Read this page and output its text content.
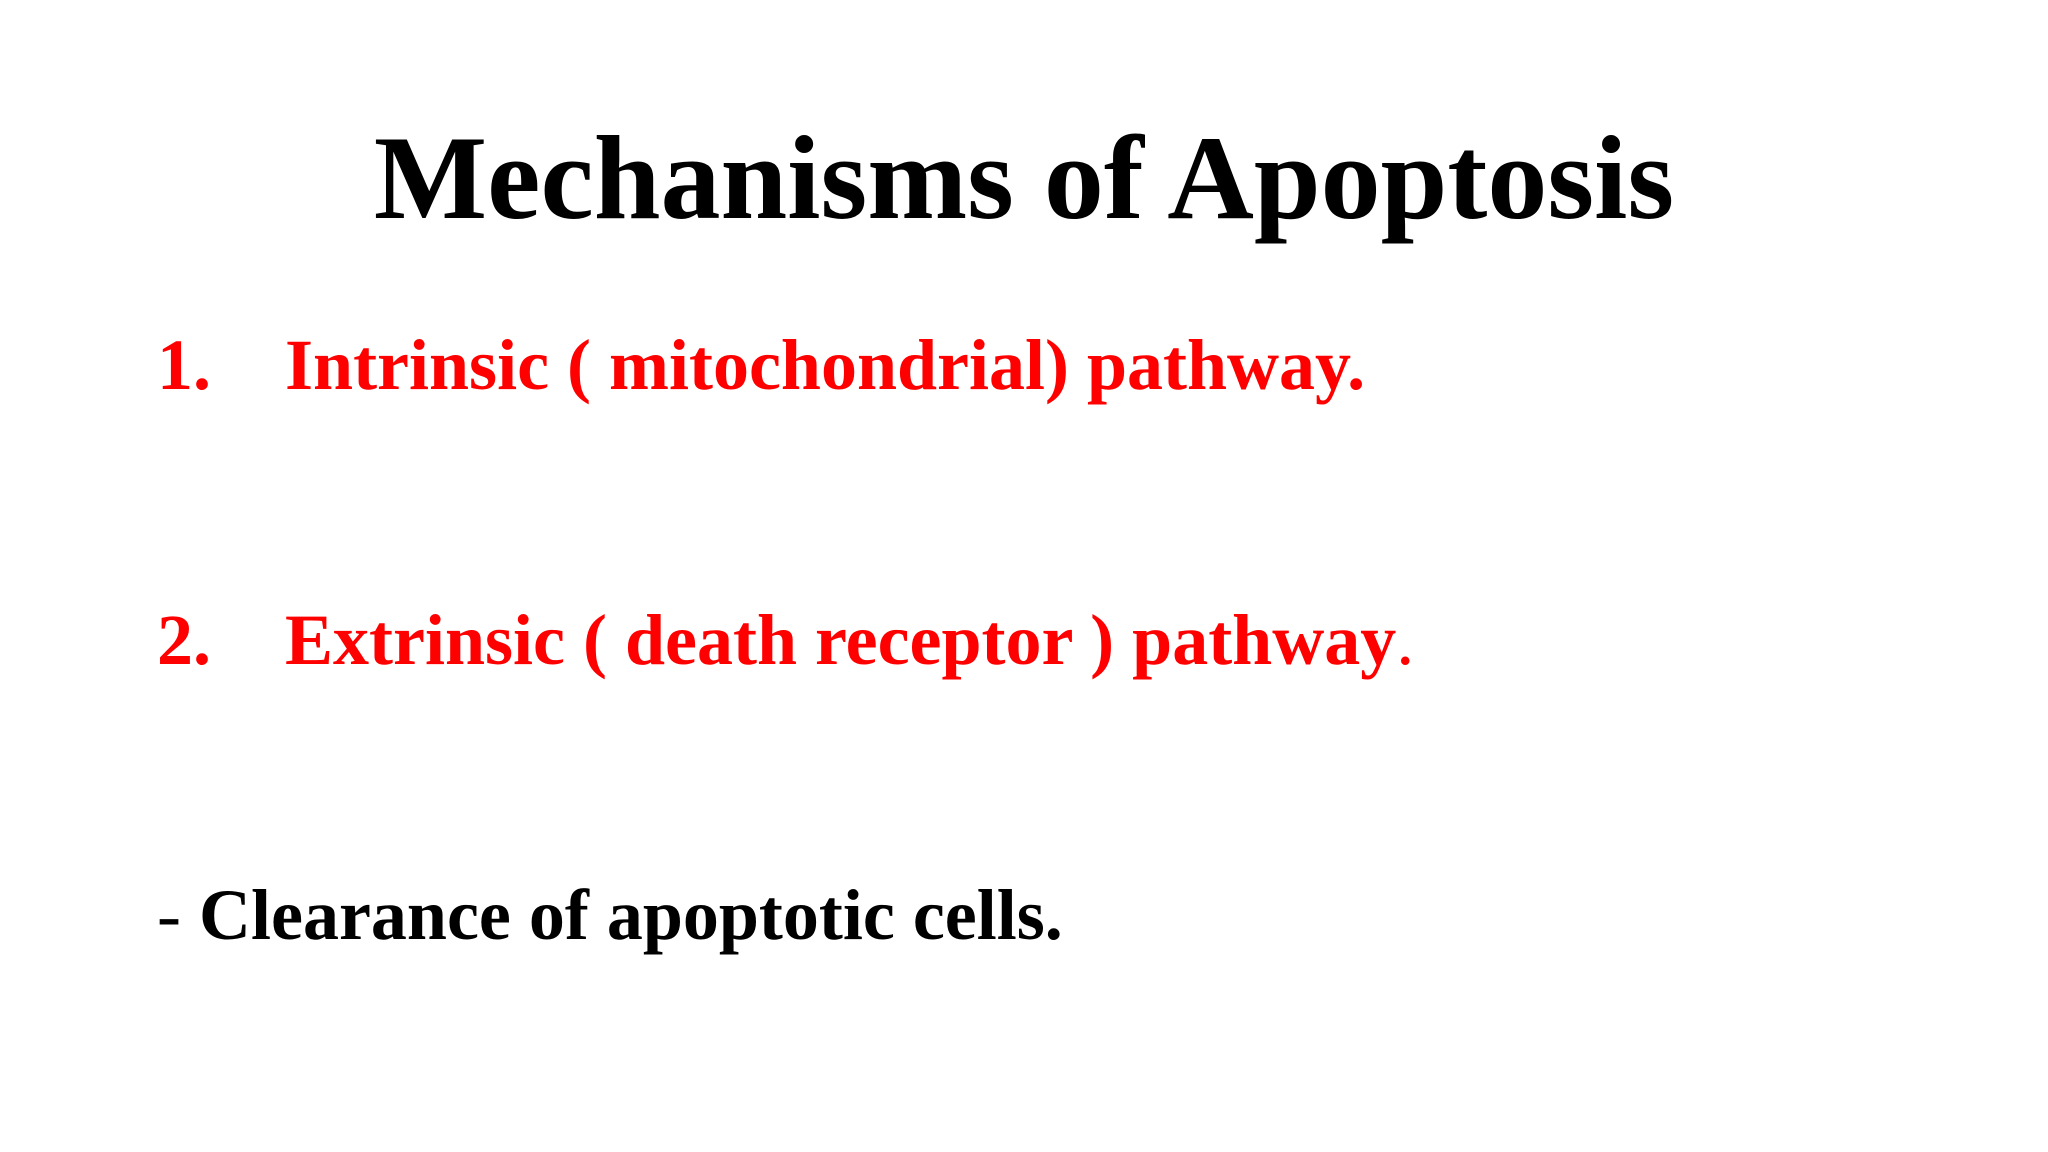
Mechanisms of Apoptosis
1. Intrinsic ( mitochondrial) pathway.
2. Extrinsic ( death receptor ) pathway.
- Clearance of apoptotic cells.
